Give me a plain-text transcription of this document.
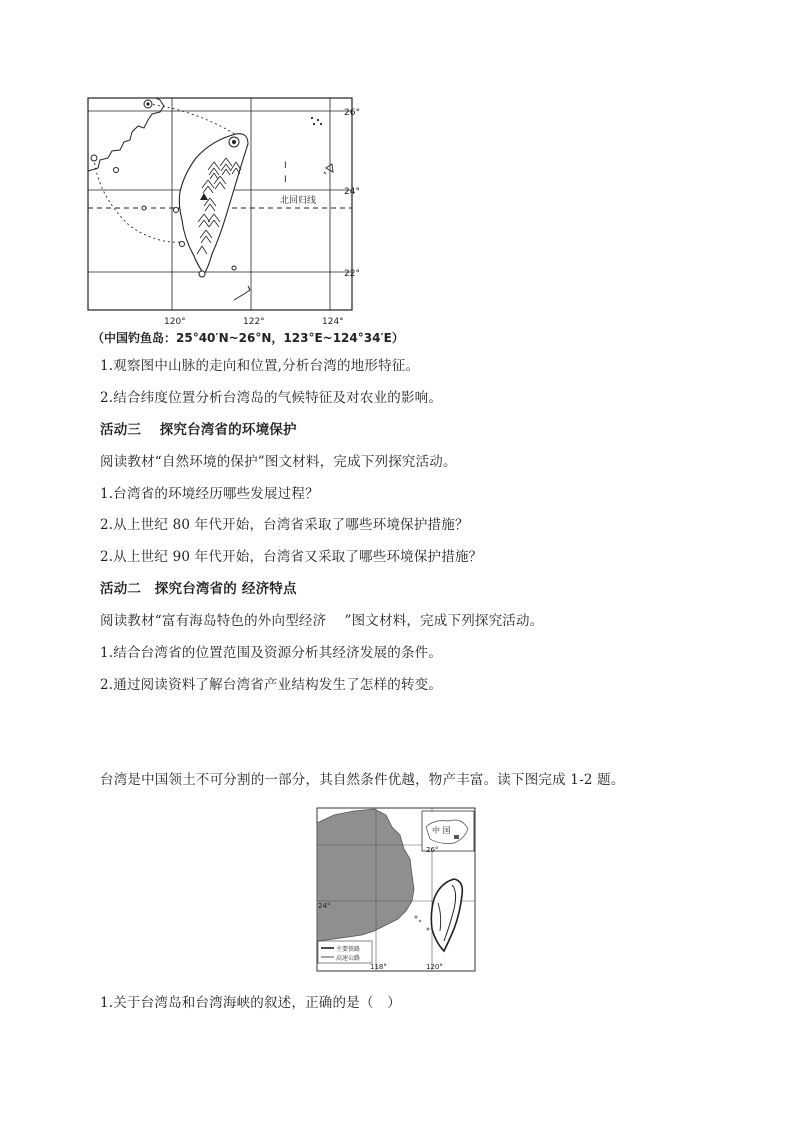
I
I
26°
24°
22°
120°	122°	124°
北回归线
（中国钓鱼岛：25°40′N~26°N，123°E~124°34′E）
1.观察图中山脉的走向和位置,分析台湾的地形特征。
2.结合纬度位置分析台湾岛的气候特征及对农业的影响。
活动三　 探究台湾省的环境保护
阅读教材“自然环境的保护”图文材料，完成下列探究活动。
1.台湾省的环境经历哪些发展过程？
2.从上世纪 80 年代开始，台湾省采取了哪些环境保护措施？
2.从上世纪 90 年代开始，台湾省又采取了哪些环境保护措施？
活动二　探究台湾省的 经济特点
阅读教材“富有海岛特色的外向型经济　 ”图文材料，完成下列探究活动。
1.结合台湾省的位置范围及资源分析其经济发展的条件。
2.通过阅读资料了解台湾省产业结构发生了怎样的转变。
台湾是中国领土不可分割的一部分，其自然条件优越，物产丰富。读下图完成 1-2 题。
中 国
26°
24°
118°	120°
主要铁路
高速公路
1.关于台湾岛和台湾海峡的叙述，正确的是（　）
